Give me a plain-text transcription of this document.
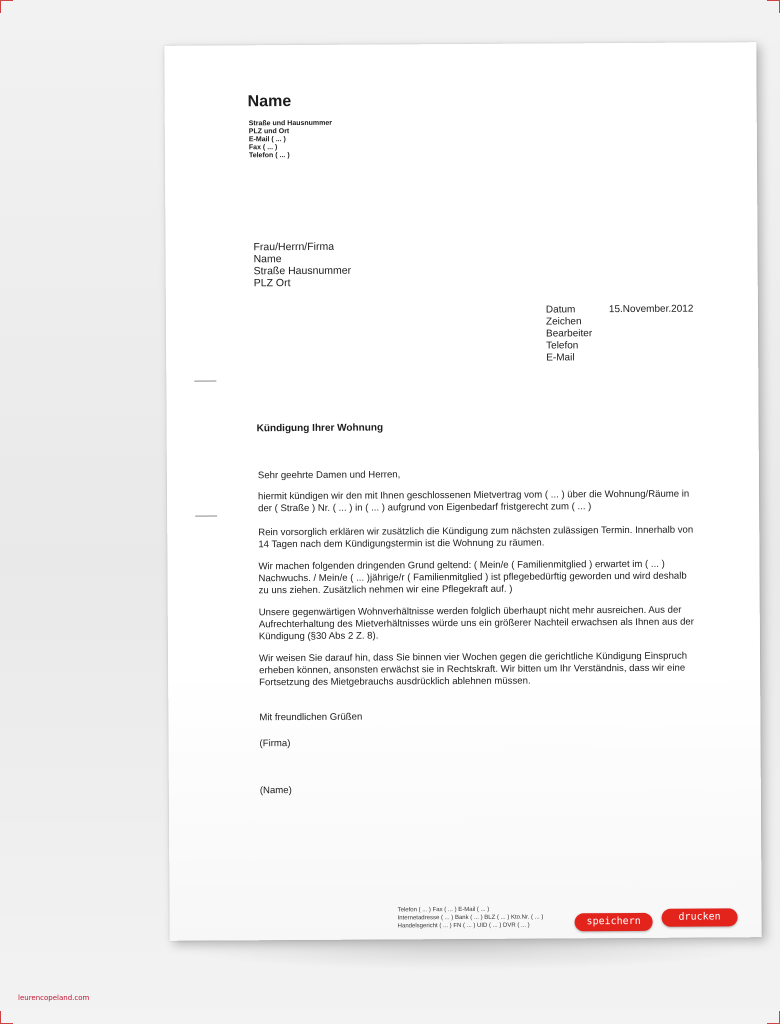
Name
Straße und Hausnummer
PLZ und Ort
E-Mail ( ... )
Fax ( ... )
Telefon ( ... )
Frau/Herrn/Firma
Name
Straße Hausnummer
PLZ Ort
Datum
Zeichen
Bearbeiter
Telefon
E-Mail
15.November.2012
Kündigung Ihrer Wohnung
Sehr geehrte Damen und Herren,
hiermit kündigen wir den mit Ihnen geschlossenen Mietvertrag vom ( ... ) über die Wohnung/Räume in der ( Straße ) Nr. ( ... ) in ( ... ) aufgrund von Eigenbedarf fristgerecht zum ( ... )
Rein vorsorglich erklären wir zusätzlich die Kündigung zum nächsten zulässigen Termin. Innerhalb von 14 Tagen nach dem Kündigungstermin ist die Wohnung zu räumen.
Wir machen folgenden dringenden Grund geltend: ( Mein/e ( Familienmitglied ) erwartet im ( ... ) Nachwuchs. / Mein/e ( ... )jährige/r ( Familienmitglied ) ist pflegebedürftig geworden und wird deshalb zu uns ziehen. Zusätzlich nehmen wir eine Pflegekraft auf. )
Unsere gegenwärtigen Wohnverhältnisse werden folglich überhaupt nicht mehr ausreichen. Aus der Aufrechterhaltung des Mietverhältnisses würde uns ein größerer Nachteil erwachsen als Ihnen aus der Kündigung (§30 Abs 2 Z. 8).
Wir weisen Sie darauf hin, dass Sie binnen vier Wochen gegen die gerichtliche Kündigung Einspruch erheben können, ansonsten erwächst sie in Rechtskraft. Wir bitten um Ihr Verständnis, dass wir eine Fortsetzung des Mietgebrauchs ausdrücklich ablehnen müssen.
Mit freundlichen Grüßen
(Firma)
(Name)
Telefon ( ... ) Fax ( ... ) E-Mail ( ... )
Internetadresse ( ... ) Bank ( ... ) BLZ ( ... ) Kto.Nr. ( ... )
Handelsgericht ( ... ) FN ( ... ) UID ( ... ) DVR ( ... )	speichern	drucken
leurencopeland.com
